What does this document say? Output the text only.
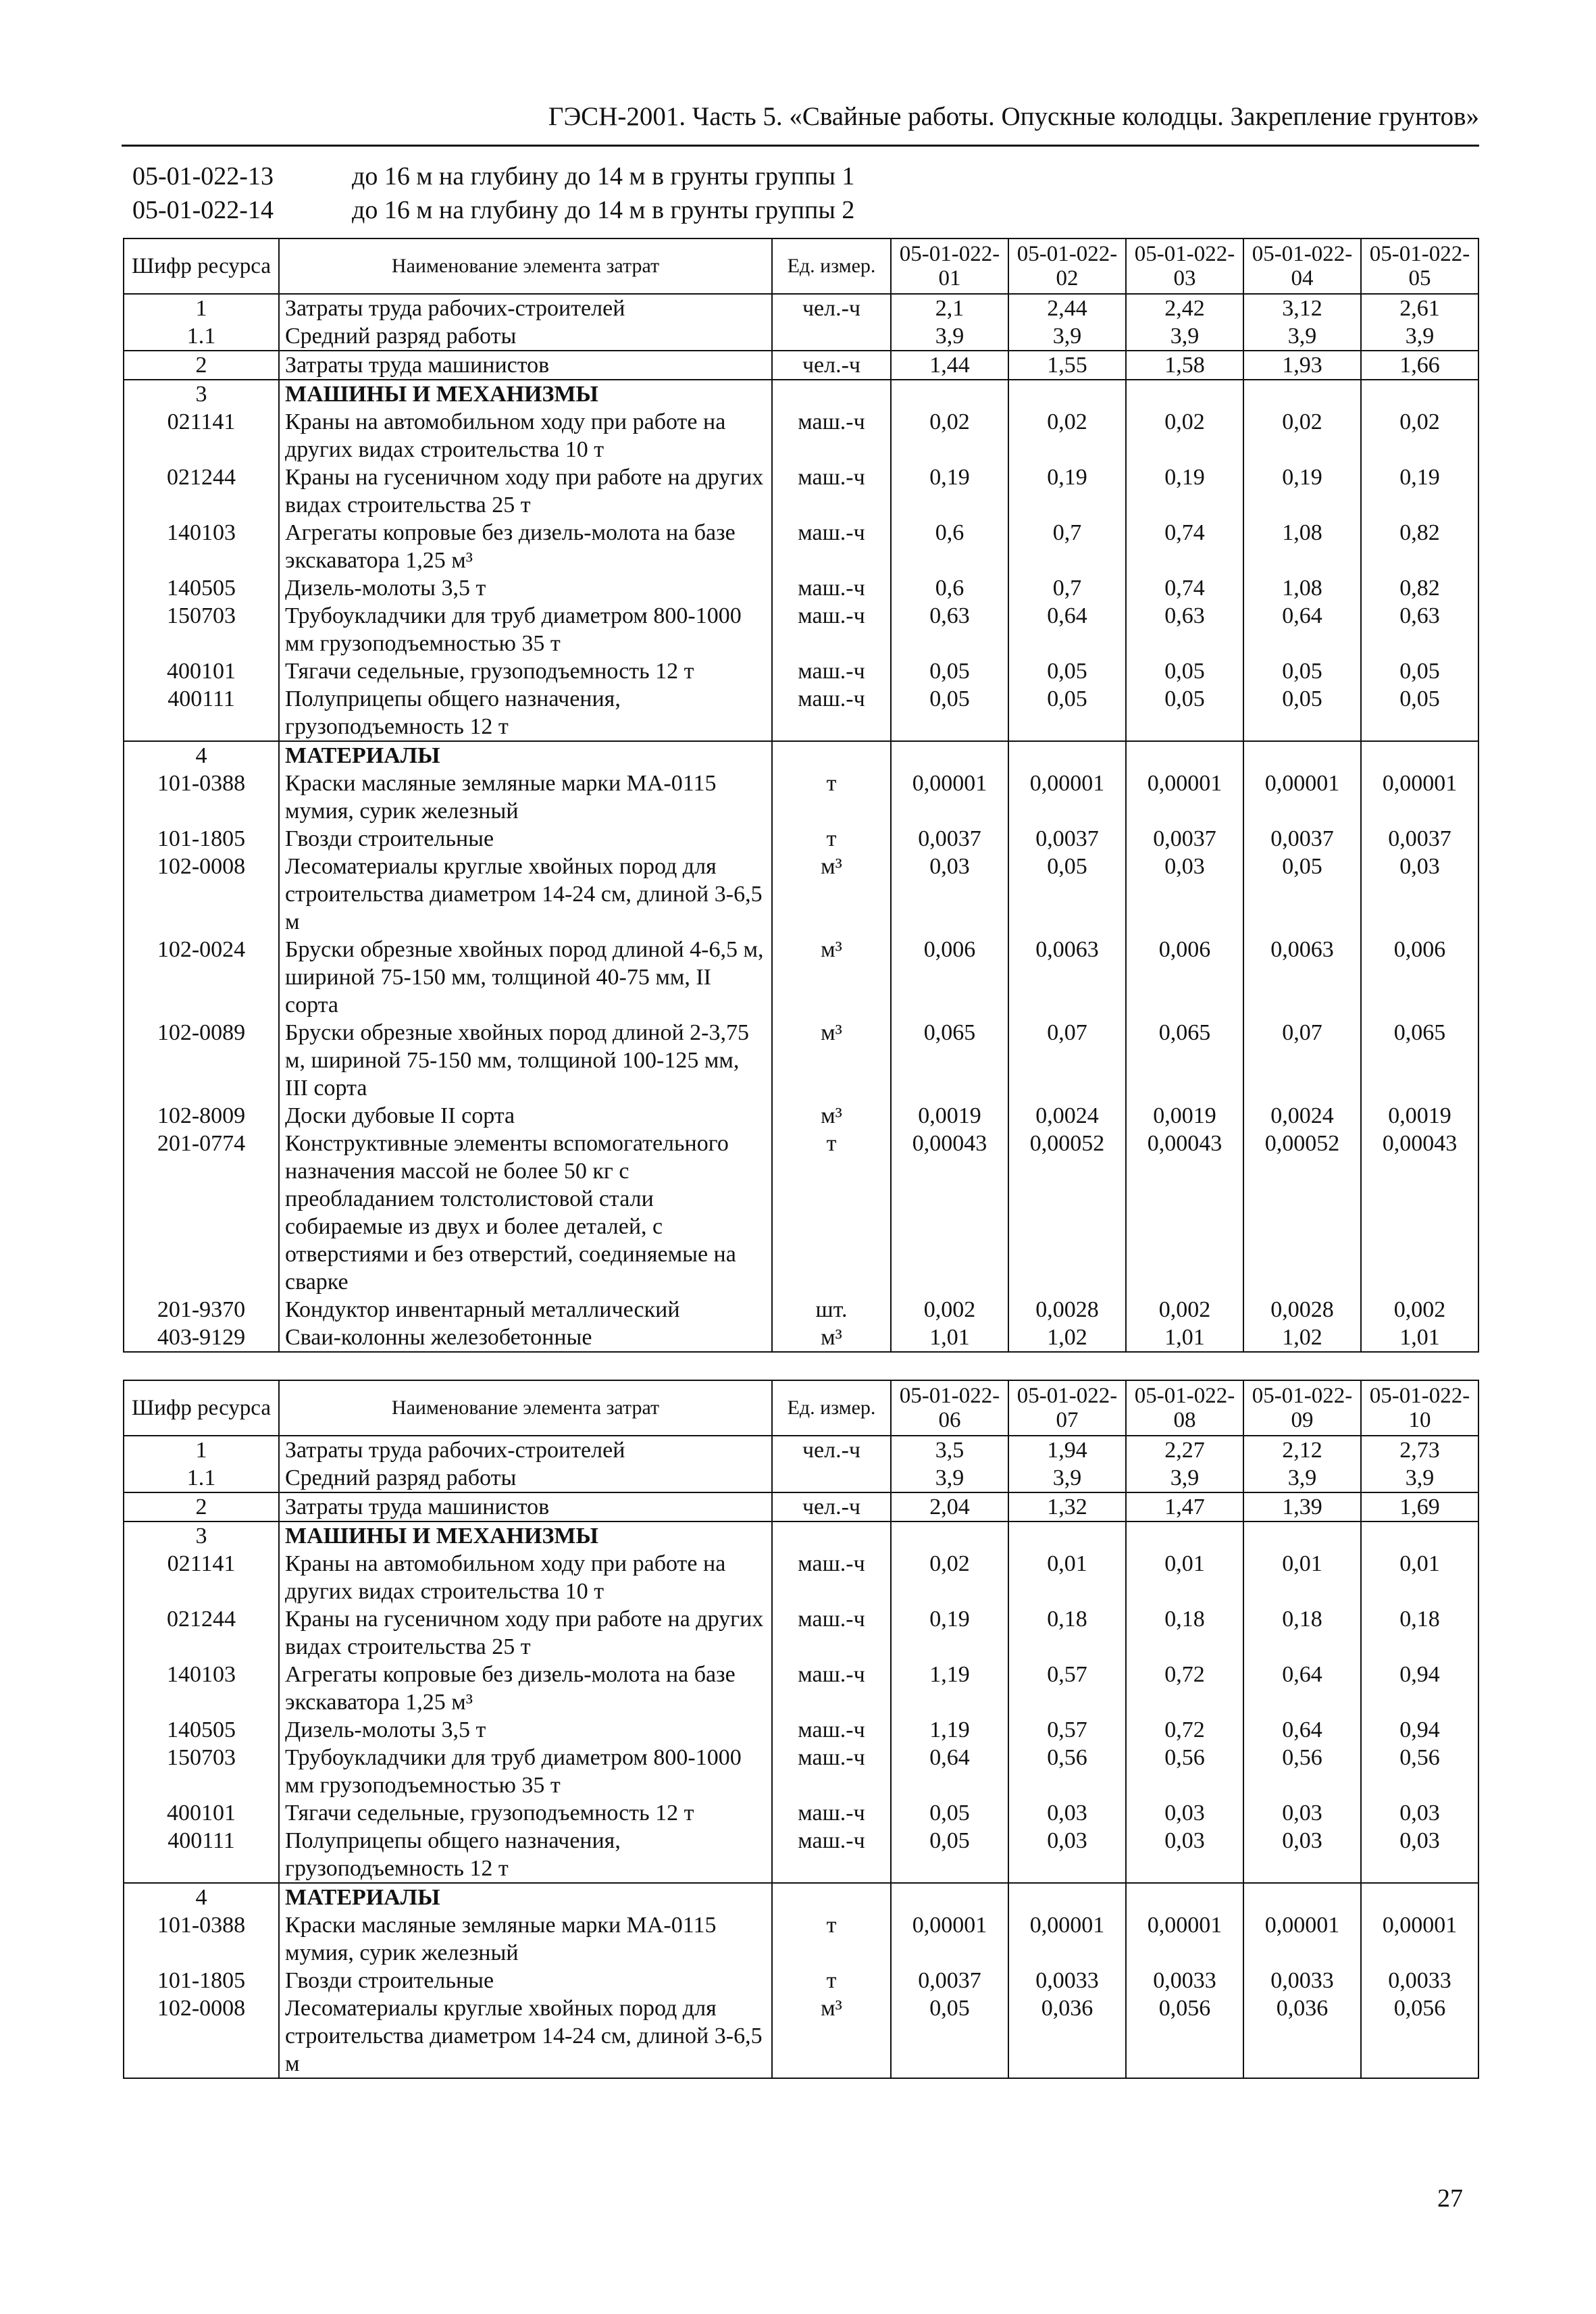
ГЭСН-2001. Часть 5. «Свайные работы. Опускные колодцы. Закрепление грунтов»
05-01-022-13	до 16 м на глубину до 14 м в грунты группы 1
05-01-022-14	до 16 м на глубину до 14 м в грунты группы 2
Шифр ресурса	Наименование элемента затрат	Ед. измер.	05-01-022-01	05-01-022-02	05-01-022-03	05-01-022-04	05-01-022-05
1	Затраты труда рабочих-строителей	чел.-ч	2,1	2,44	2,42	3,12	2,61
1.1	Средний разряд работы		3,9	3,9	3,9	3,9	3,9
2	Затраты труда машинистов	чел.-ч	1,44	1,55	1,58	1,93	1,66
3	МАШИНЫ И МЕХАНИЗМЫ						
021141	Краны на автомобильном ходу при работе на других видах строительства 10 т	маш.-ч	0,02	0,02	0,02	0,02	0,02
021244	Краны на гусеничном ходу при работе на других видах строительства 25 т	маш.-ч	0,19	0,19	0,19	0,19	0,19
140103	Агрегаты копровые без дизель-молота на базе экскаватора 1,25 м³	маш.-ч	0,6	0,7	0,74	1,08	0,82
140505	Дизель-молоты 3,5 т	маш.-ч	0,6	0,7	0,74	1,08	0,82
150703	Трубоукладчики для труб диаметром 800-1000 мм грузоподъемностью 35 т	маш.-ч	0,63	0,64	0,63	0,64	0,63
400101	Тягачи седельные, грузоподъемность 12 т	маш.-ч	0,05	0,05	0,05	0,05	0,05
400111	Полуприцепы общего назначения, грузоподъемность 12 т	маш.-ч	0,05	0,05	0,05	0,05	0,05
4	МАТЕРИАЛЫ						
101-0388	Краски масляные земляные марки МА-0115 мумия, сурик железный	т	0,00001	0,00001	0,00001	0,00001	0,00001
101-1805	Гвозди строительные	т	0,0037	0,0037	0,0037	0,0037	0,0037
102-0008	Лесоматериалы круглые хвойных пород для строительства диаметром 14-24 см, длиной 3-6,5 м	м³	0,03	0,05	0,03	0,05	0,03
102-0024	Бруски обрезные хвойных пород длиной 4-6,5 м, шириной 75-150 мм, толщиной 40-75 мм, II сорта	м³	0,006	0,0063	0,006	0,0063	0,006
102-0089	Бруски обрезные хвойных пород длиной 2-3,75 м, шириной 75-150 мм, толщиной 100-125 мм, III сорта	м³	0,065	0,07	0,065	0,07	0,065
102-8009	Доски дубовые II сорта	м³	0,0019	0,0024	0,0019	0,0024	0,0019
201-0774	Конструктивные элементы вспомогательного назначения массой не более 50 кг с преобладанием толстолистовой стали собираемые из двух и более деталей, с отверстиями и без отверстий, соединяемые на сварке	т	0,00043	0,00052	0,00043	0,00052	0,00043
201-9370	Кондуктор инвентарный металлический	шт.	0,002	0,0028	0,002	0,0028	0,002
403-9129	Сваи-колонны железобетонные	м³	1,01	1,02	1,01	1,02	1,01
Шифр ресурса	Наименование элемента затрат	Ед. измер.	05-01-022-06	05-01-022-07	05-01-022-08	05-01-022-09	05-01-022-10
1	Затраты труда рабочих-строителей	чел.-ч	3,5	1,94	2,27	2,12	2,73
1.1	Средний разряд работы		3,9	3,9	3,9	3,9	3,9
2	Затраты труда машинистов	чел.-ч	2,04	1,32	1,47	1,39	1,69
3	МАШИНЫ И МЕХАНИЗМЫ						
021141	Краны на автомобильном ходу при работе на других видах строительства 10 т	маш.-ч	0,02	0,01	0,01	0,01	0,01
021244	Краны на гусеничном ходу при работе на других видах строительства 25 т	маш.-ч	0,19	0,18	0,18	0,18	0,18
140103	Агрегаты копровые без дизель-молота на базе экскаватора 1,25 м³	маш.-ч	1,19	0,57	0,72	0,64	0,94
140505	Дизель-молоты 3,5 т	маш.-ч	1,19	0,57	0,72	0,64	0,94
150703	Трубоукладчики для труб диаметром 800-1000 мм грузоподъемностью 35 т	маш.-ч	0,64	0,56	0,56	0,56	0,56
400101	Тягачи седельные, грузоподъемность 12 т	маш.-ч	0,05	0,03	0,03	0,03	0,03
400111	Полуприцепы общего назначения, грузоподъемность 12 т	маш.-ч	0,05	0,03	0,03	0,03	0,03
4	МАТЕРИАЛЫ						
101-0388	Краски масляные земляные марки МА-0115 мумия, сурик железный	т	0,00001	0,00001	0,00001	0,00001	0,00001
101-1805	Гвозди строительные	т	0,0037	0,0033	0,0033	0,0033	0,0033
102-0008	Лесоматериалы круглые хвойных пород для строительства диаметром 14-24 см, длиной 3-6,5 м	м³	0,05	0,036	0,056	0,036	0,056
27
